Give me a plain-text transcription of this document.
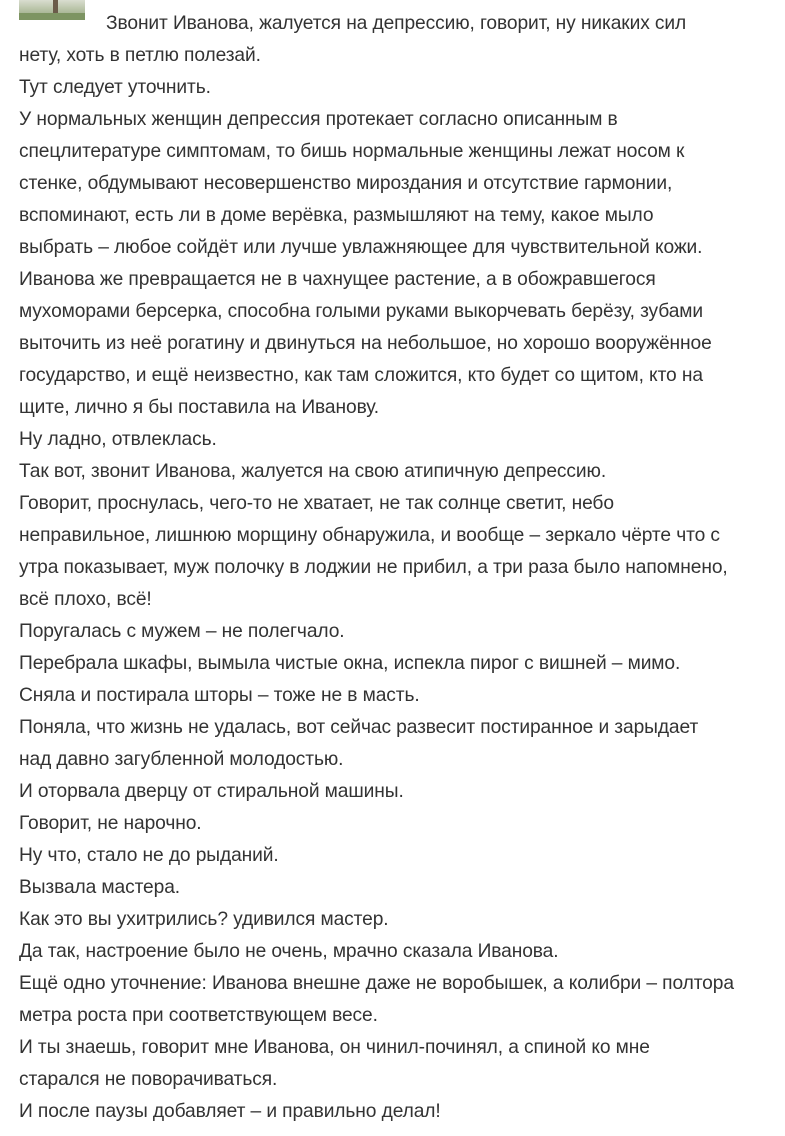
Звонит Иванова, жалуется на депрессию, говорит, ну никаких сил
нету, хоть в петлю полезай.

Тут следует уточнить.

У нормальных женщин депрессия протекает согласно описанным в
спецлитературе симптомам, то бишь нормальные женщины лежат носом к
стенке, обдумывают несовершенство мироздания и отсутствие гармонии,
вспоминают, есть ли в доме верёвка, размышляют на тему, какое мыло
выбрать – любое сойдёт или лучше увлажняющее для чувствительной кожи.

Иванова же превращается не в чахнущее растение, а в обожравшегося
мухоморами берсерка, способна голыми руками выкорчевать берёзу, зубами
выточить из неё рогатину и двинуться на небольшое, но хорошо вооружённое
государство, и ещё неизвестно, как там сложится, кто будет со щитом, кто на
щите, лично я бы поставила на Иванову.

Ну ладно, отвлеклась.

Так вот, звонит Иванова, жалуется на свою атипичную депрессию.

Говорит, проснулась, чего-то не хватает, не так солнце светит, небо
неправильное, лишнюю морщину обнаружила, и вообще – зеркало чёрте что с
утра показывает, муж полочку в лоджии не прибил, а три раза было напомнено,
всё плохо, всё!

Поругалась с мужем – не полегчало.

Перебрала шкафы, вымыла чистые окна, испекла пирог с вишней – мимо.

Сняла и постирала шторы – тоже не в масть.

Поняла, что жизнь не удалась, вот сейчас развесит постиранное и зарыдает
над давно загубленной молодостью.

И оторвала дверцу от стиральной машины.

Говорит, не нарочно.

Ну что, стало не до рыданий.

Вызвала мастера.

Как это вы ухитрились? удивился мастер.

Да так, настроение было не очень, мрачно сказала Иванова.

Ещё одно уточнение: Иванова внешне даже не воробышек, а колибри – полтора
метра роста при соответствующем весе.

И ты знаешь, говорит мне Иванова, он чинил-починял, а спиной ко мне
старался не поворачиваться.

И после паузы добавляет – и правильно делал!
